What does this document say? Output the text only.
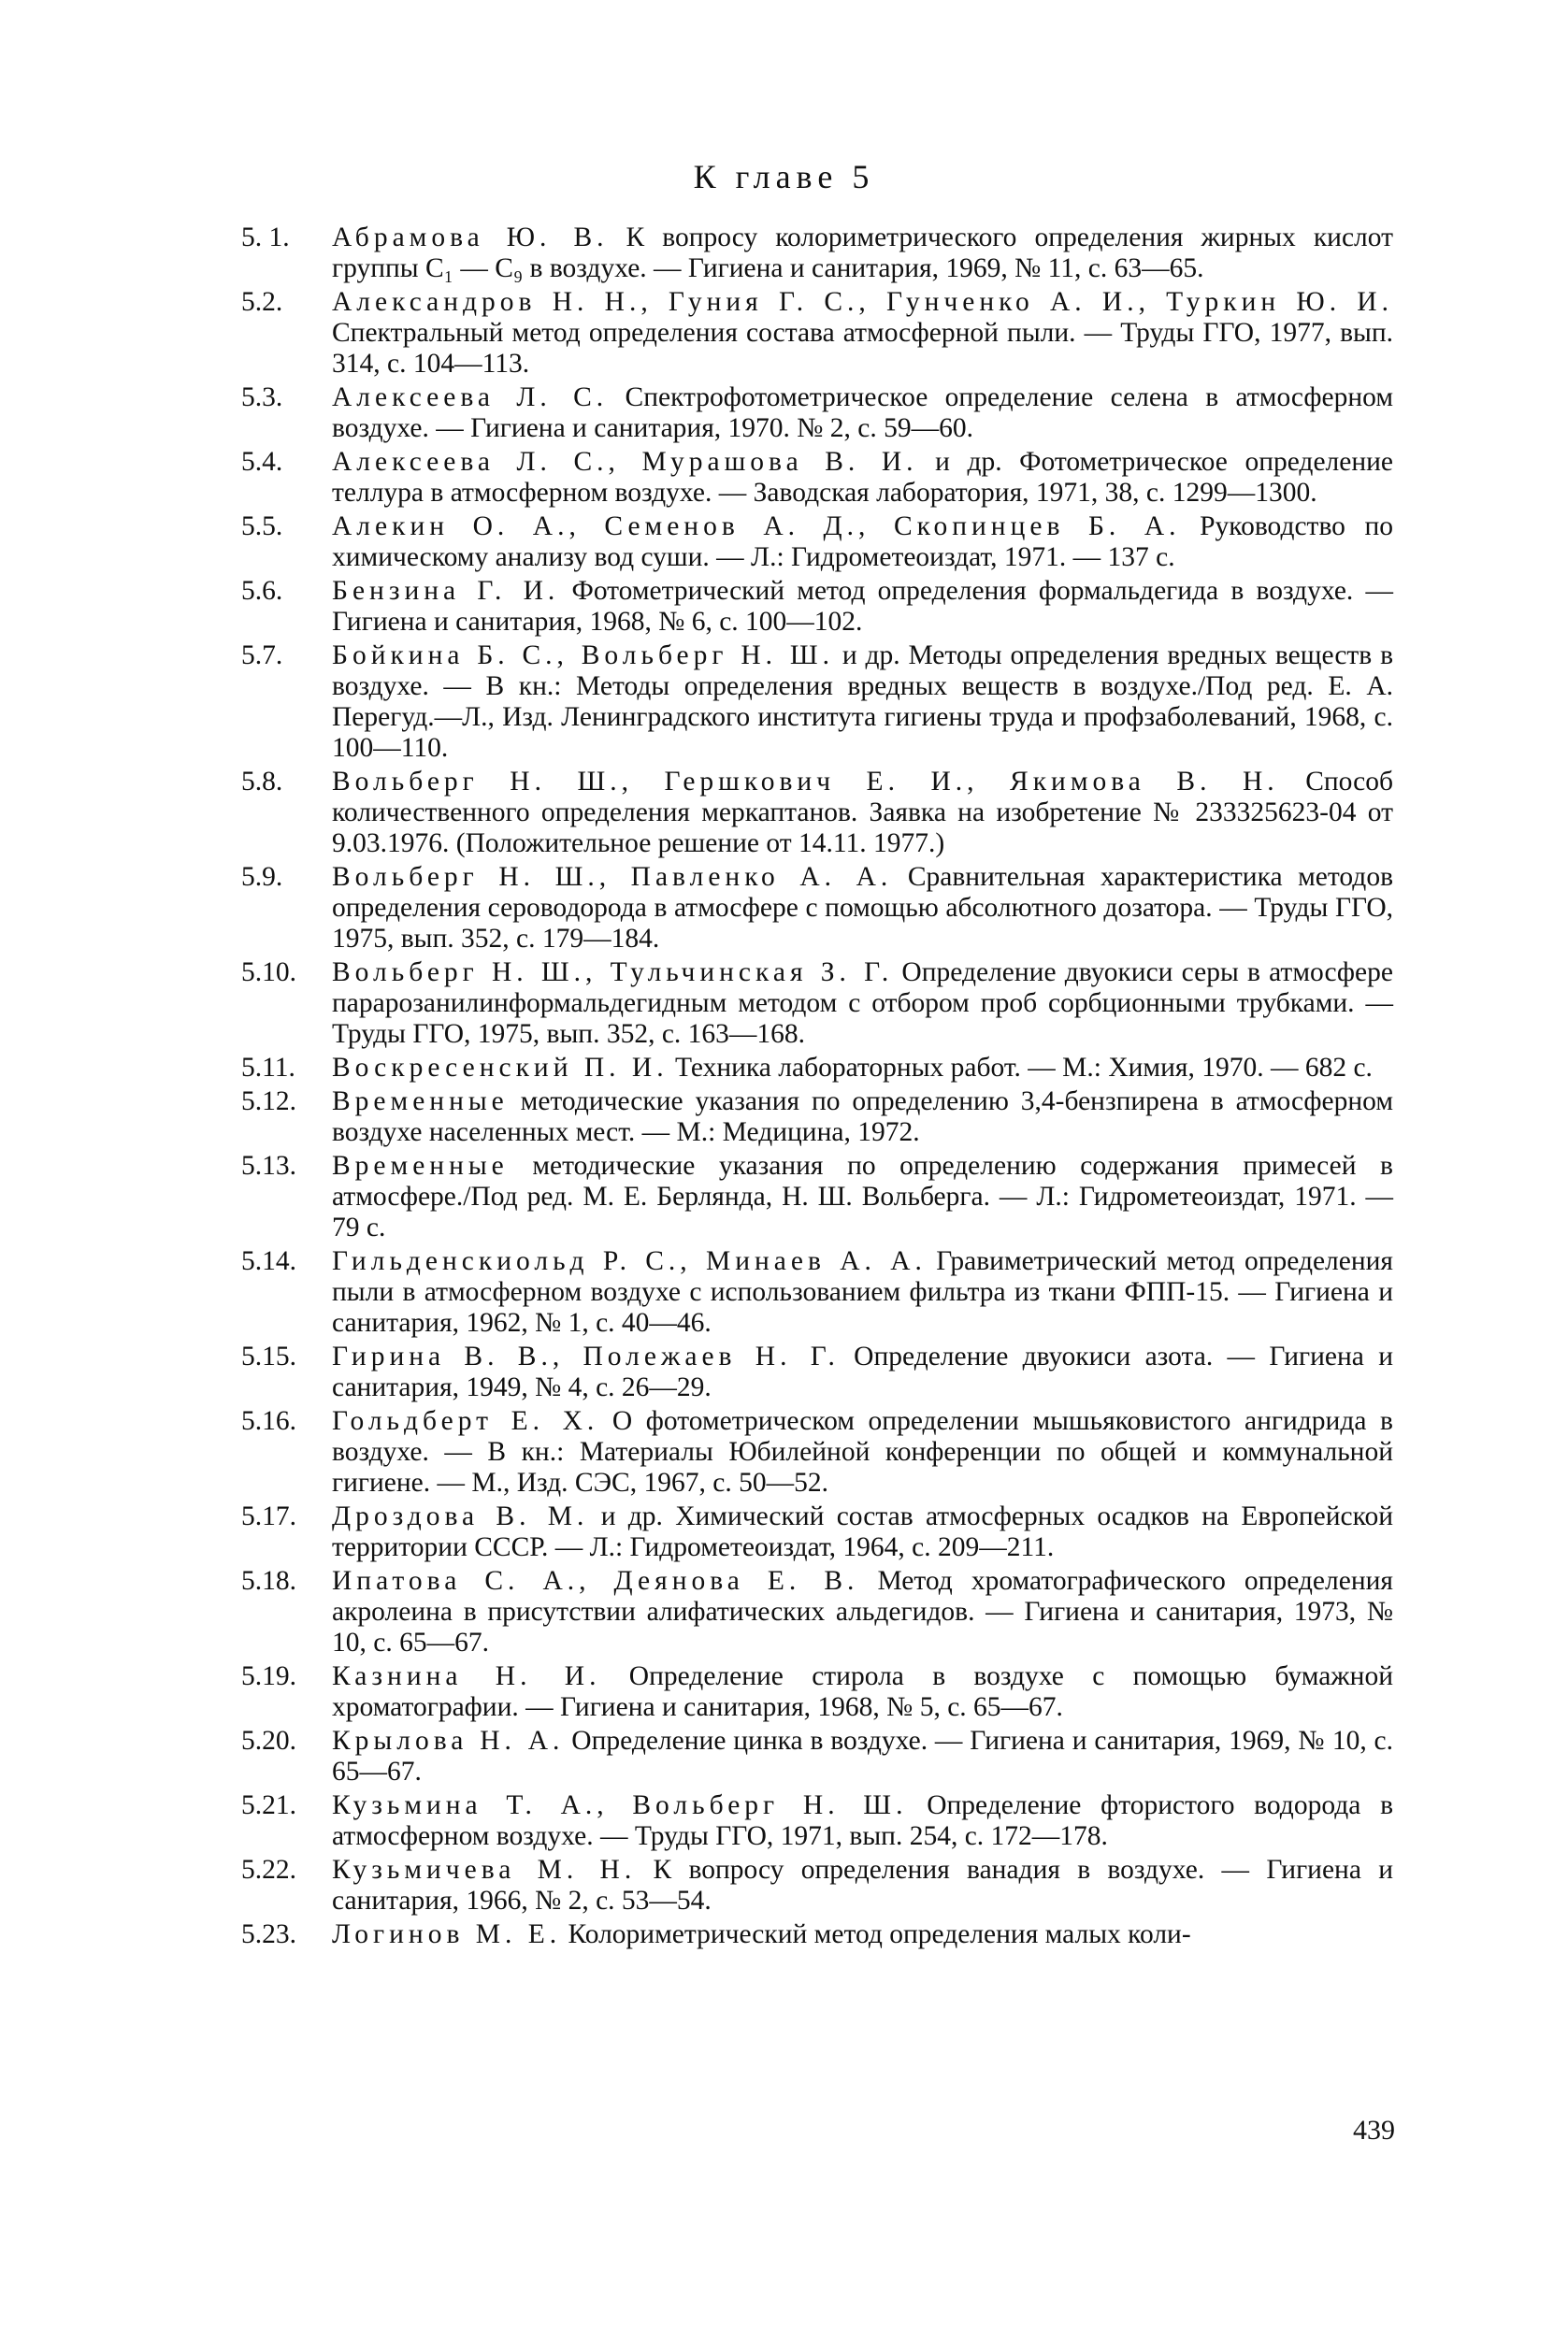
К главе 5
5. 1.	Абрамова Ю. В. К вопросу колориметрического определения жирных кислот группы C₁ — C₉ в воздухе. — Гигиена и санитария, 1969, № 11, с. 63—65.
5.2.	Александров Н. Н., Гуния Г. С., Гунченко А. И., Туркин Ю. И. Спектральный метод определения состава атмосферной пыли. — Труды ГГО, 1977, вып. 314, с. 104—113.
5.3.	Алексеева Л. С. Спектрофотометрическое определение селена в атмосферном воздухе. — Гигиена и санитария, 1970. № 2, с. 59—60.
5.4.	Алексеева Л. С., Мурашова В. И. и др. Фотометрическое определение теллура в атмосферном воздухе. — Заводская лаборатория, 1971, 38, с. 1299—1300.
5.5.	Алекин О. А., Семенов А. Д., Скопинцев Б. А. Руководство по химическому анализу вод суши. — Л.: Гидрометеоиздат, 1971. — 137 с.
5.6.	Бензина Г. И. Фотометрический метод определения формальдегида в воздухе. — Гигиена и санитария, 1968, № 6, с. 100—102.
5.7.	Бойкина Б. С., Вольберг Н. Ш. и др. Методы определения вредных веществ в воздухе. — В кн.: Методы определения вредных веществ в воздухе./Под ред. Е. А. Перегуд.—Л., Изд. Ленинградского института гигиены труда и профзаболеваний, 1968, с. 100—110.
5.8.	Вольберг Н. Ш., Гершкович Е. И., Якимова В. Н. Способ количественного определения меркаптанов. Заявка на изобретение № 233325623-04 от 9.03.1976. (Положительное решение от 14.11. 1977.)
5.9.	Вольберг Н. Ш., Павленко А. А. Сравнительная характеристика методов определения сероводорода в атмосфере с помощью абсолютного дозатора. — Труды ГГО, 1975, вып. 352, с. 179—184.
5.10.	Вольберг Н. Ш., Тульчинская З. Г. Определение двуокиси серы в атмосфере парарозанилинформальдегидным методом с отбором проб сорбционными трубками. — Труды ГГО, 1975, вып. 352, с. 163—168.
5.11.	Воскресенский П. И. Техника лабораторных работ. — М.: Химия, 1970. — 682 с.
5.12.	Временные методические указания по определению 3,4-бензпирена в атмосферном воздухе населенных мест. — М.: Медицина, 1972.
5.13.	Временные методические указания по определению содержания примесей в атмосфере./Под ред. М. Е. Берлянда, Н. Ш. Вольберга. — Л.: Гидрометеоиздат, 1971. — 79 с.
5.14.	Гильденскиольд Р. С., Минаев А. А. Гравиметрический метод определения пыли в атмосферном воздухе с использованием фильтра из ткани ФПП-15. — Гигиена и санитария, 1962, № 1, с. 40—46.
5.15.	Гирина В. В., Полежаев Н. Г. Определение двуокиси азота. — Гигиена и санитария, 1949, № 4, с. 26—29.
5.16.	Гольдберт Е. Х. О фотометрическом определении мышьяковистого ангидрида в воздухе. — В кн.: Материалы Юбилейной конференции по общей и коммунальной гигиене. — М., Изд. СЭС, 1967, с. 50—52.
5.17.	Дроздова В. М. и др. Химический состав атмосферных осадков на Европейской территории СССР. — Л.: Гидрометеоиздат, 1964, с. 209—211.
5.18.	Ипатова С. А., Деянова Е. В. Метод хроматографического определения акролеина в присутствии алифатических альдегидов. — Гигиена и санитария, 1973, № 10, с. 65—67.
5.19.	Казнина Н. И. Определение стирола в воздухе с помощью бумажной хроматографии. — Гигиена и санитария, 1968, № 5, с. 65—67.
5.20.	Крылова Н. А. Определение цинка в воздухе. — Гигиена и санитария, 1969, № 10, с. 65—67.
5.21.	Кузьмина Т. А., Вольберг Н. Ш. Определение фтористого водорода в атмосферном воздухе. — Труды ГГО, 1971, вып. 254, с. 172—178.
5.22.	Кузьмичева М. Н. К вопросу определения ванадия в воздухе. — Гигиена и санитария, 1966, № 2, с. 53—54.
5.23.	Логинов М. Е. Колориметрический метод определения малых коли-
439
